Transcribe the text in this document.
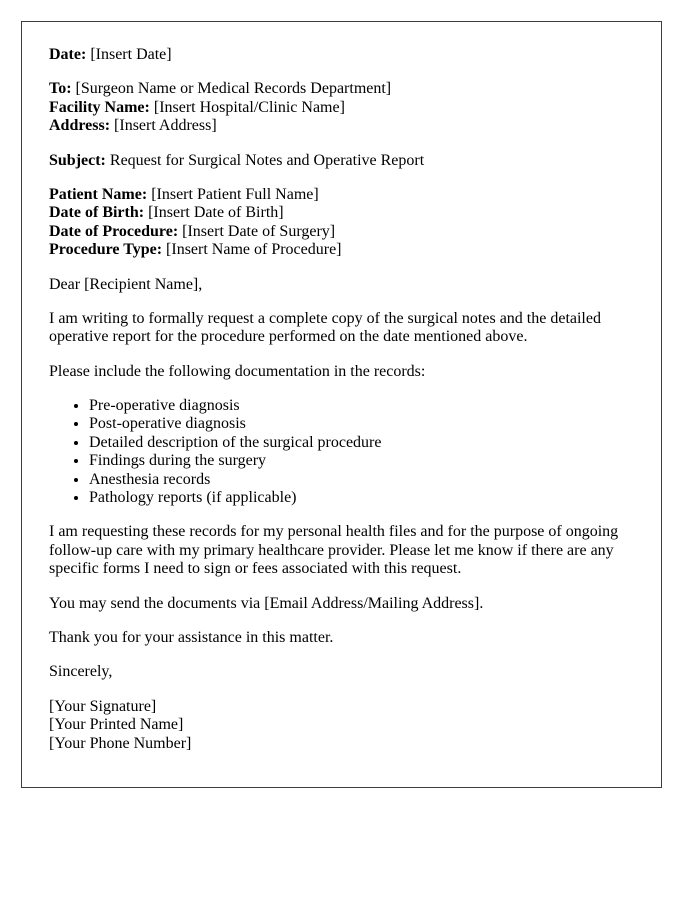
Date: [Insert Date]

To: [Surgeon Name or Medical Records Department]
Facility Name: [Insert Hospital/Clinic Name]
Address: [Insert Address]

Subject: Request for Surgical Notes and Operative Report

Patient Name: [Insert Patient Full Name]
Date of Birth: [Insert Date of Birth]
Date of Procedure: [Insert Date of Surgery]
Procedure Type: [Insert Name of Procedure]

Dear [Recipient Name],

I am writing to formally request a complete copy of the surgical notes and the detailed operative report for the procedure performed on the date mentioned above.

Please include the following documentation in the records:

• Pre-operative diagnosis
• Post-operative diagnosis
• Detailed description of the surgical procedure
• Findings during the surgery
• Anesthesia records
• Pathology reports (if applicable)

I am requesting these records for my personal health files and for the purpose of ongoing follow-up care with my primary healthcare provider. Please let me know if there are any specific forms I need to sign or fees associated with this request.

You may send the documents via [Email Address/Mailing Address].

Thank you for your assistance in this matter.

Sincerely,

[Your Signature]
[Your Printed Name]
[Your Phone Number]
